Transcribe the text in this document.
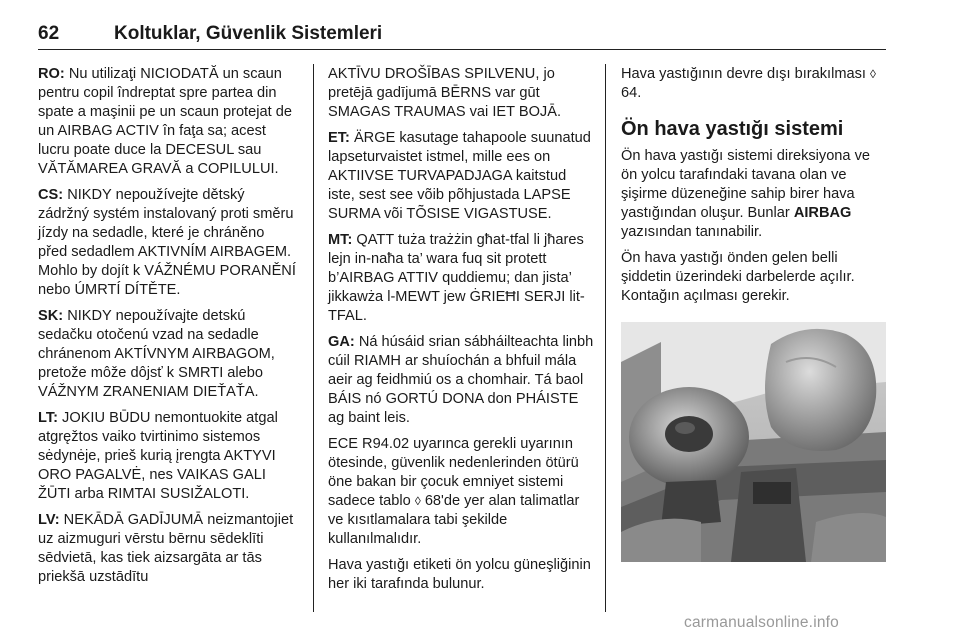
62	Koltuklar, Güvenlik Sistemleri

RO: Nu utilizaţi NICIODATĂ un scaun pentru copil îndreptat spre partea din spate a maşinii pe un scaun protejat de un AIRBAG ACTIV în faţa sa; acest lucru poate duce la DECESUL sau VĂTĂMAREA GRAVĂ a COPILULUI.

CS: NIKDY nepoužívejte dětský zádržný systém instalovaný proti směru jízdy na sedadle, které je chráněno před sedadlem AKTIVNÍM AIRBAGEM. Mohlo by dojít k VÁŽNÉMU PORANĚNÍ nebo ÚMRTÍ DÍTĚTE.

SK: NIKDY nepoužívajte detskú sedačku otočenú vzad na sedadle chránenom AKTÍVNYM AIRBAGOM, pretože môže dôjsť k SMRTI alebo VÁŽNYM ZRANENIAM DIEŤAŤA.

LT: JOKIU BŪDU nemontuokite atgal atgręžtos vaiko tvirtinimo sistemos sėdynėje, prieš kurią įrengta AKTYVI ORO PAGALVĖ, nes VAIKAS GALI ŽŪTI arba RIMTAI SUSIŽALOTI.

LV: NEKĀDĀ GADĪJUMĀ neizmantojiet uz aizmuguri vērstu bērnu sēdeklīti sēdvietā, kas tiek aizsargāta ar tās priekšā uzstādītu

AKTĪVU DROŠĪBAS SPILVENU, jo pretējā gadījumā BĒRNS var gūt SMAGAS TRAUMAS vai IET BOJĀ.

ET: ÄRGE kasutage tahapoole suunatud lapseturvaistet istmel, mille ees on AKTIIVSE TURVAPADJAGA kaitstud iste, sest see võib põhjustada LAPSE SURMA või TÕSISE VIGASTUSE.

MT: QATT tuża trażżin għat-tfal li jħares lejn in-naħa ta’ wara fuq sit protett b’AIRBAG ATTIV quddiemu; dan jista’ jikkawża l-MEWT jew ĠRIEĦI SERJI lit-TFAL.

GA: Ná húsáid srian sábháilteachta linbh cúil RIAMH ar shuíochán a bhfuil mála aeir ag feidhmiú os a chomhair. Tá baol BÁIS nó GORTÚ DONA don PHÁISTE ag baint leis.

ECE R94.02 uyarınca gerekli uyarının ötesinde, güvenlik nedenlerinden ötürü öne bakan bir çocuk emniyet sistemi sadece tablo ◊ 68'de yer alan talimatlar ve kısıtlamalara tabi şekilde kullanılmalıdır.

Hava yastığı etiketi ön yolcu güneşliğinin her iki tarafında bulunur.

Hava yastığının devre dışı bırakılması ◊ 64.

Ön hava yastığı sistemi

Ön hava yastığı sistemi direksiyona ve ön yolcu tarafındaki tavana olan ve şişirme düzeneğine sahip birer hava yastığından oluşur. Bunlar AIRBAG yazısından tanınabilir.

Ön hava yastığı önden gelen belli şiddetin üzerindeki darbelerde açılır. Kontağın açılması gerekir.

carmanualsonline.info
